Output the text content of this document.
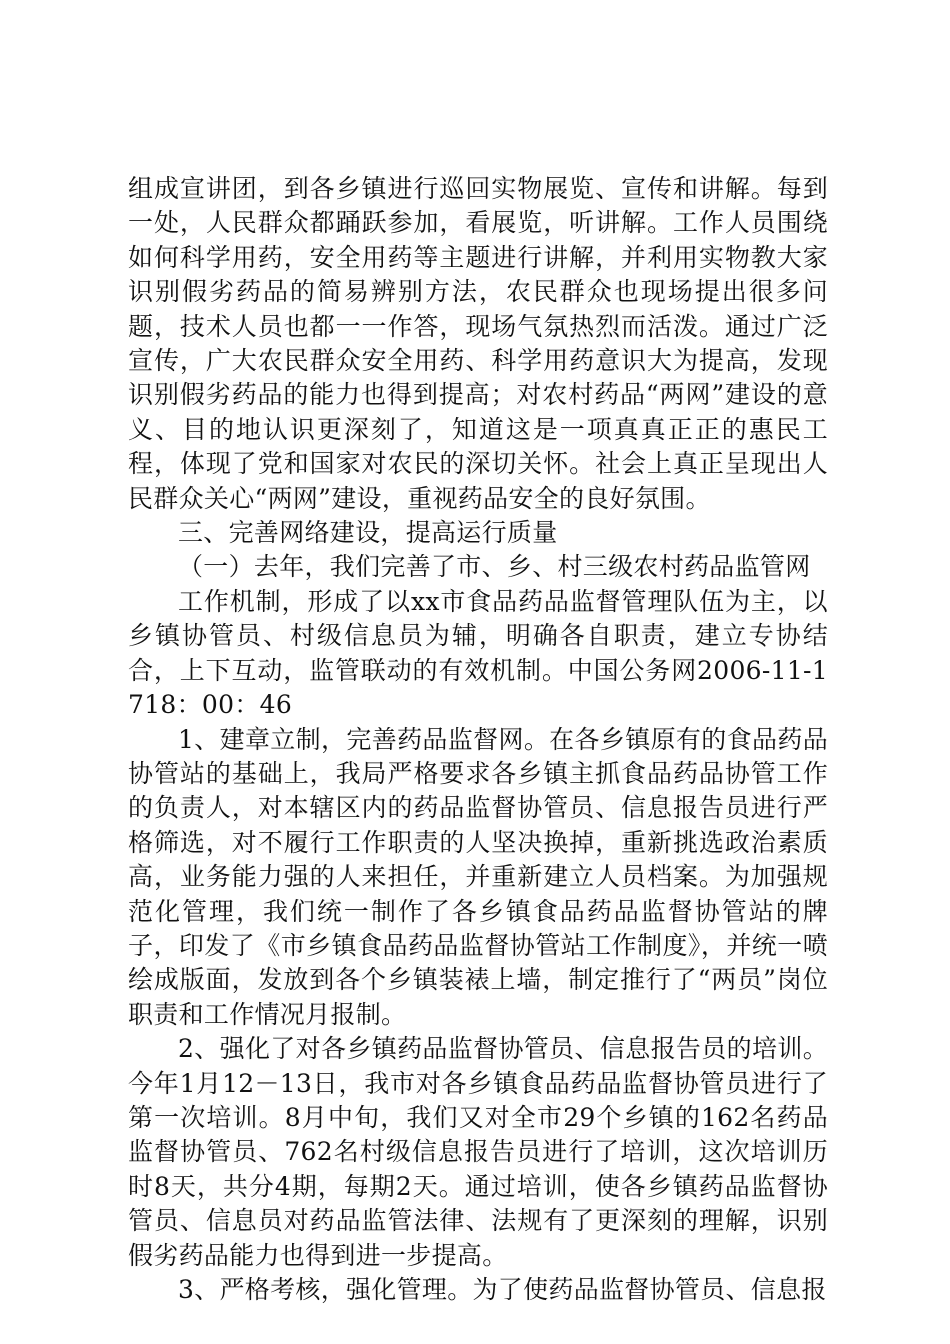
组成宣讲团，到各乡镇进行巡回实物展览、宣传和讲解。每到一处，人民群众都踊跃参加，看展览，听讲解。工作人员围绕如何科学用药，安全用药等主题进行讲解，并利用实物教大家识别假劣药品的简易辨别方法，农民群众也现场提出很多问题，技术人员也都一一作答，现场气氛热烈而活泼。通过广泛宣传，广大农民群众安全用药、科学用药意识大为提高，发现识别假劣药品的能力也得到提高；对农村药品“两网”建设的意义、目的地认识更深刻了，知道这是一项真真正正的惠民工程，体现了党和国家对农民的深切关怀。社会上真正呈现出人民群众关心“两网”建设，重视药品安全的良好氛围。

三、完善网络建设，提高运行质量

（一）去年，我们完善了市、乡、村三级农村药品监管网

工作机制，形成了以xx市食品药品监督管理队伍为主，以乡镇协管员、村级信息员为辅，明确各自职责，建立专协结合，上下互动，监管联动的有效机制。中国公务网2006-11-1718：00：46

1、建章立制，完善药品监督网。在各乡镇原有的食品药品协管站的基础上，我局严格要求各乡镇主抓食品药品协管工作的负责人，对本辖区内的药品监督协管员、信息报告员进行严格筛选，对不履行工作职责的人坚决换掉，重新挑选政治素质高，业务能力强的人来担任，并重新建立人员档案。为加强规范化管理，我们统一制作了各乡镇食品药品监督协管站的牌子，印发了《市乡镇食品药品监督协管站工作制度》，并统一喷绘成版面，发放到各个乡镇装裱上墙，制定推行了“两员”岗位职责和工作情况月报制。

2、强化了对各乡镇药品监督协管员、信息报告员的培训。今年1月12－13日，我市对各乡镇食品药品监督协管员进行了第一次培训。8月中旬，我们又对全市29个乡镇的162名药品监督协管员、762名村级信息报告员进行了培训，这次培训历时8天，共分4期，每期2天。通过培训，使各乡镇药品监督协管员、信息员对药品监管法律、法规有了更深刻的理解，识别假劣药品能力也得到进一步提高。

3、严格考核，强化管理。为了使药品监督协管员、信息报
